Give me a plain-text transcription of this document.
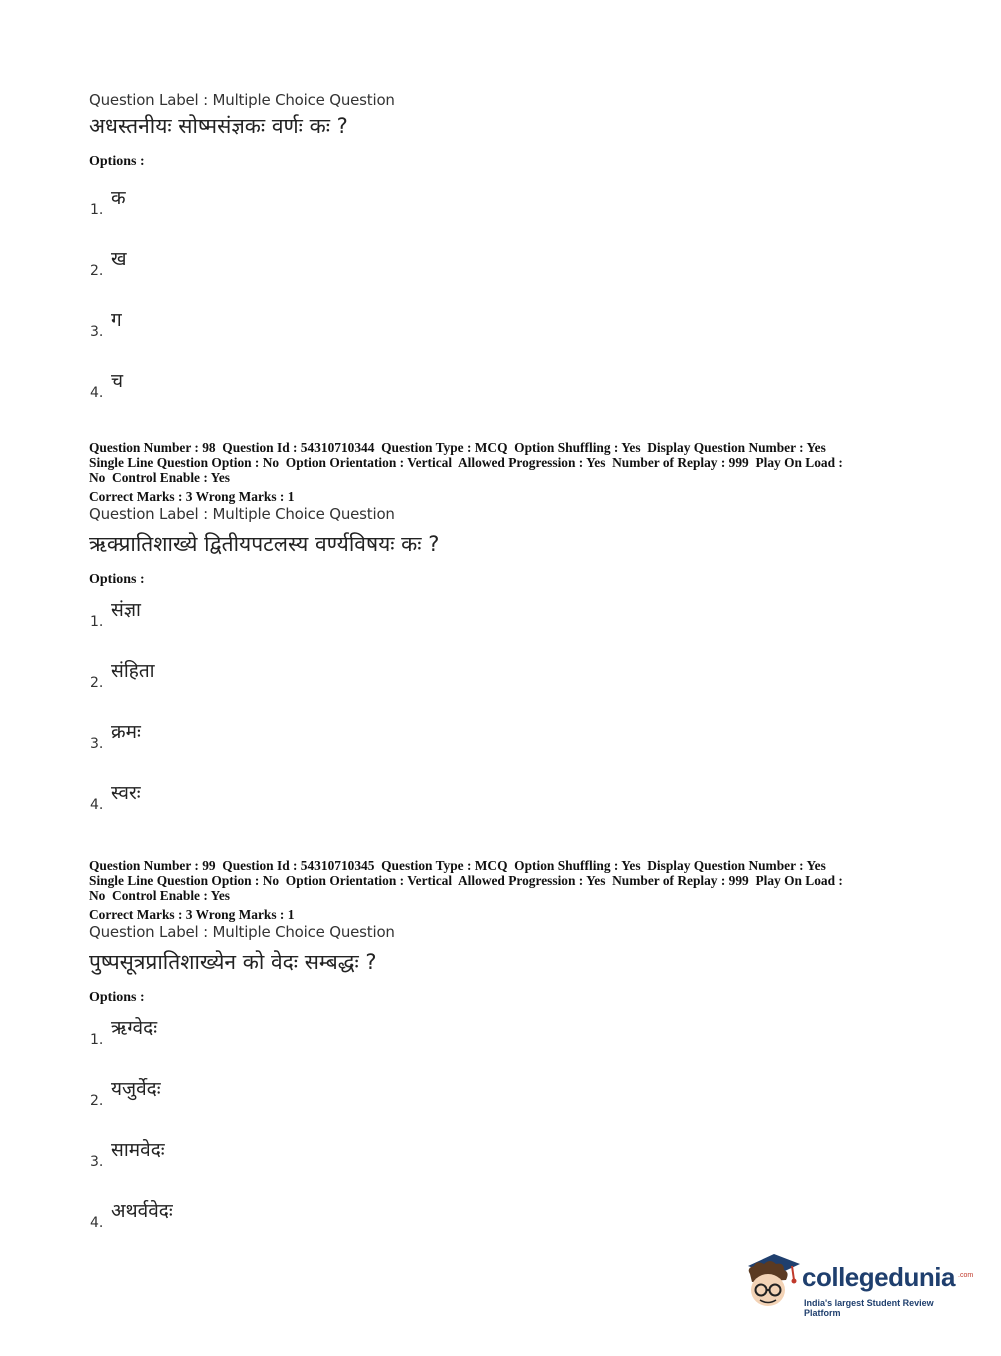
Question Label : Multiple Choice Question
अधस्तनीयः सोष्मसंज्ञकः वर्णः कः ?
Options :
1.
क
2.
ख
3.
ग
4.
च
Question Number : 98  Question Id : 54310710344  Question Type : MCQ  Option Shuffling : Yes  Display Question Number : Yes
Single Line Question Option : No  Option Orientation : Vertical  Allowed Progression : Yes  Number of Replay : 999  Play On Load :
No  Control Enable : Yes
Correct Marks : 3 Wrong Marks : 1
Question Label : Multiple Choice Question
ऋक्प्रातिशाख्ये द्वितीयपटलस्य वर्ण्यविषयः कः ?
Options :
1.
संज्ञा
2.
संहिता
3.
क्रमः
4.
स्वरः
Question Number : 99  Question Id : 54310710345  Question Type : MCQ  Option Shuffling : Yes  Display Question Number : Yes
Single Line Question Option : No  Option Orientation : Vertical  Allowed Progression : Yes  Number of Replay : 999  Play On Load :
No  Control Enable : Yes
Correct Marks : 3 Wrong Marks : 1
Question Label : Multiple Choice Question
पुष्पसूत्रप्रातिशाख्येन को वेदः सम्बद्धः ?
Options :
1.
ऋग्वेदः
2.
यजुर्वेदः
3.
सामवेदः
4.
अथर्ववेदः
collegedunia .com
India's largest Student Review Platform
